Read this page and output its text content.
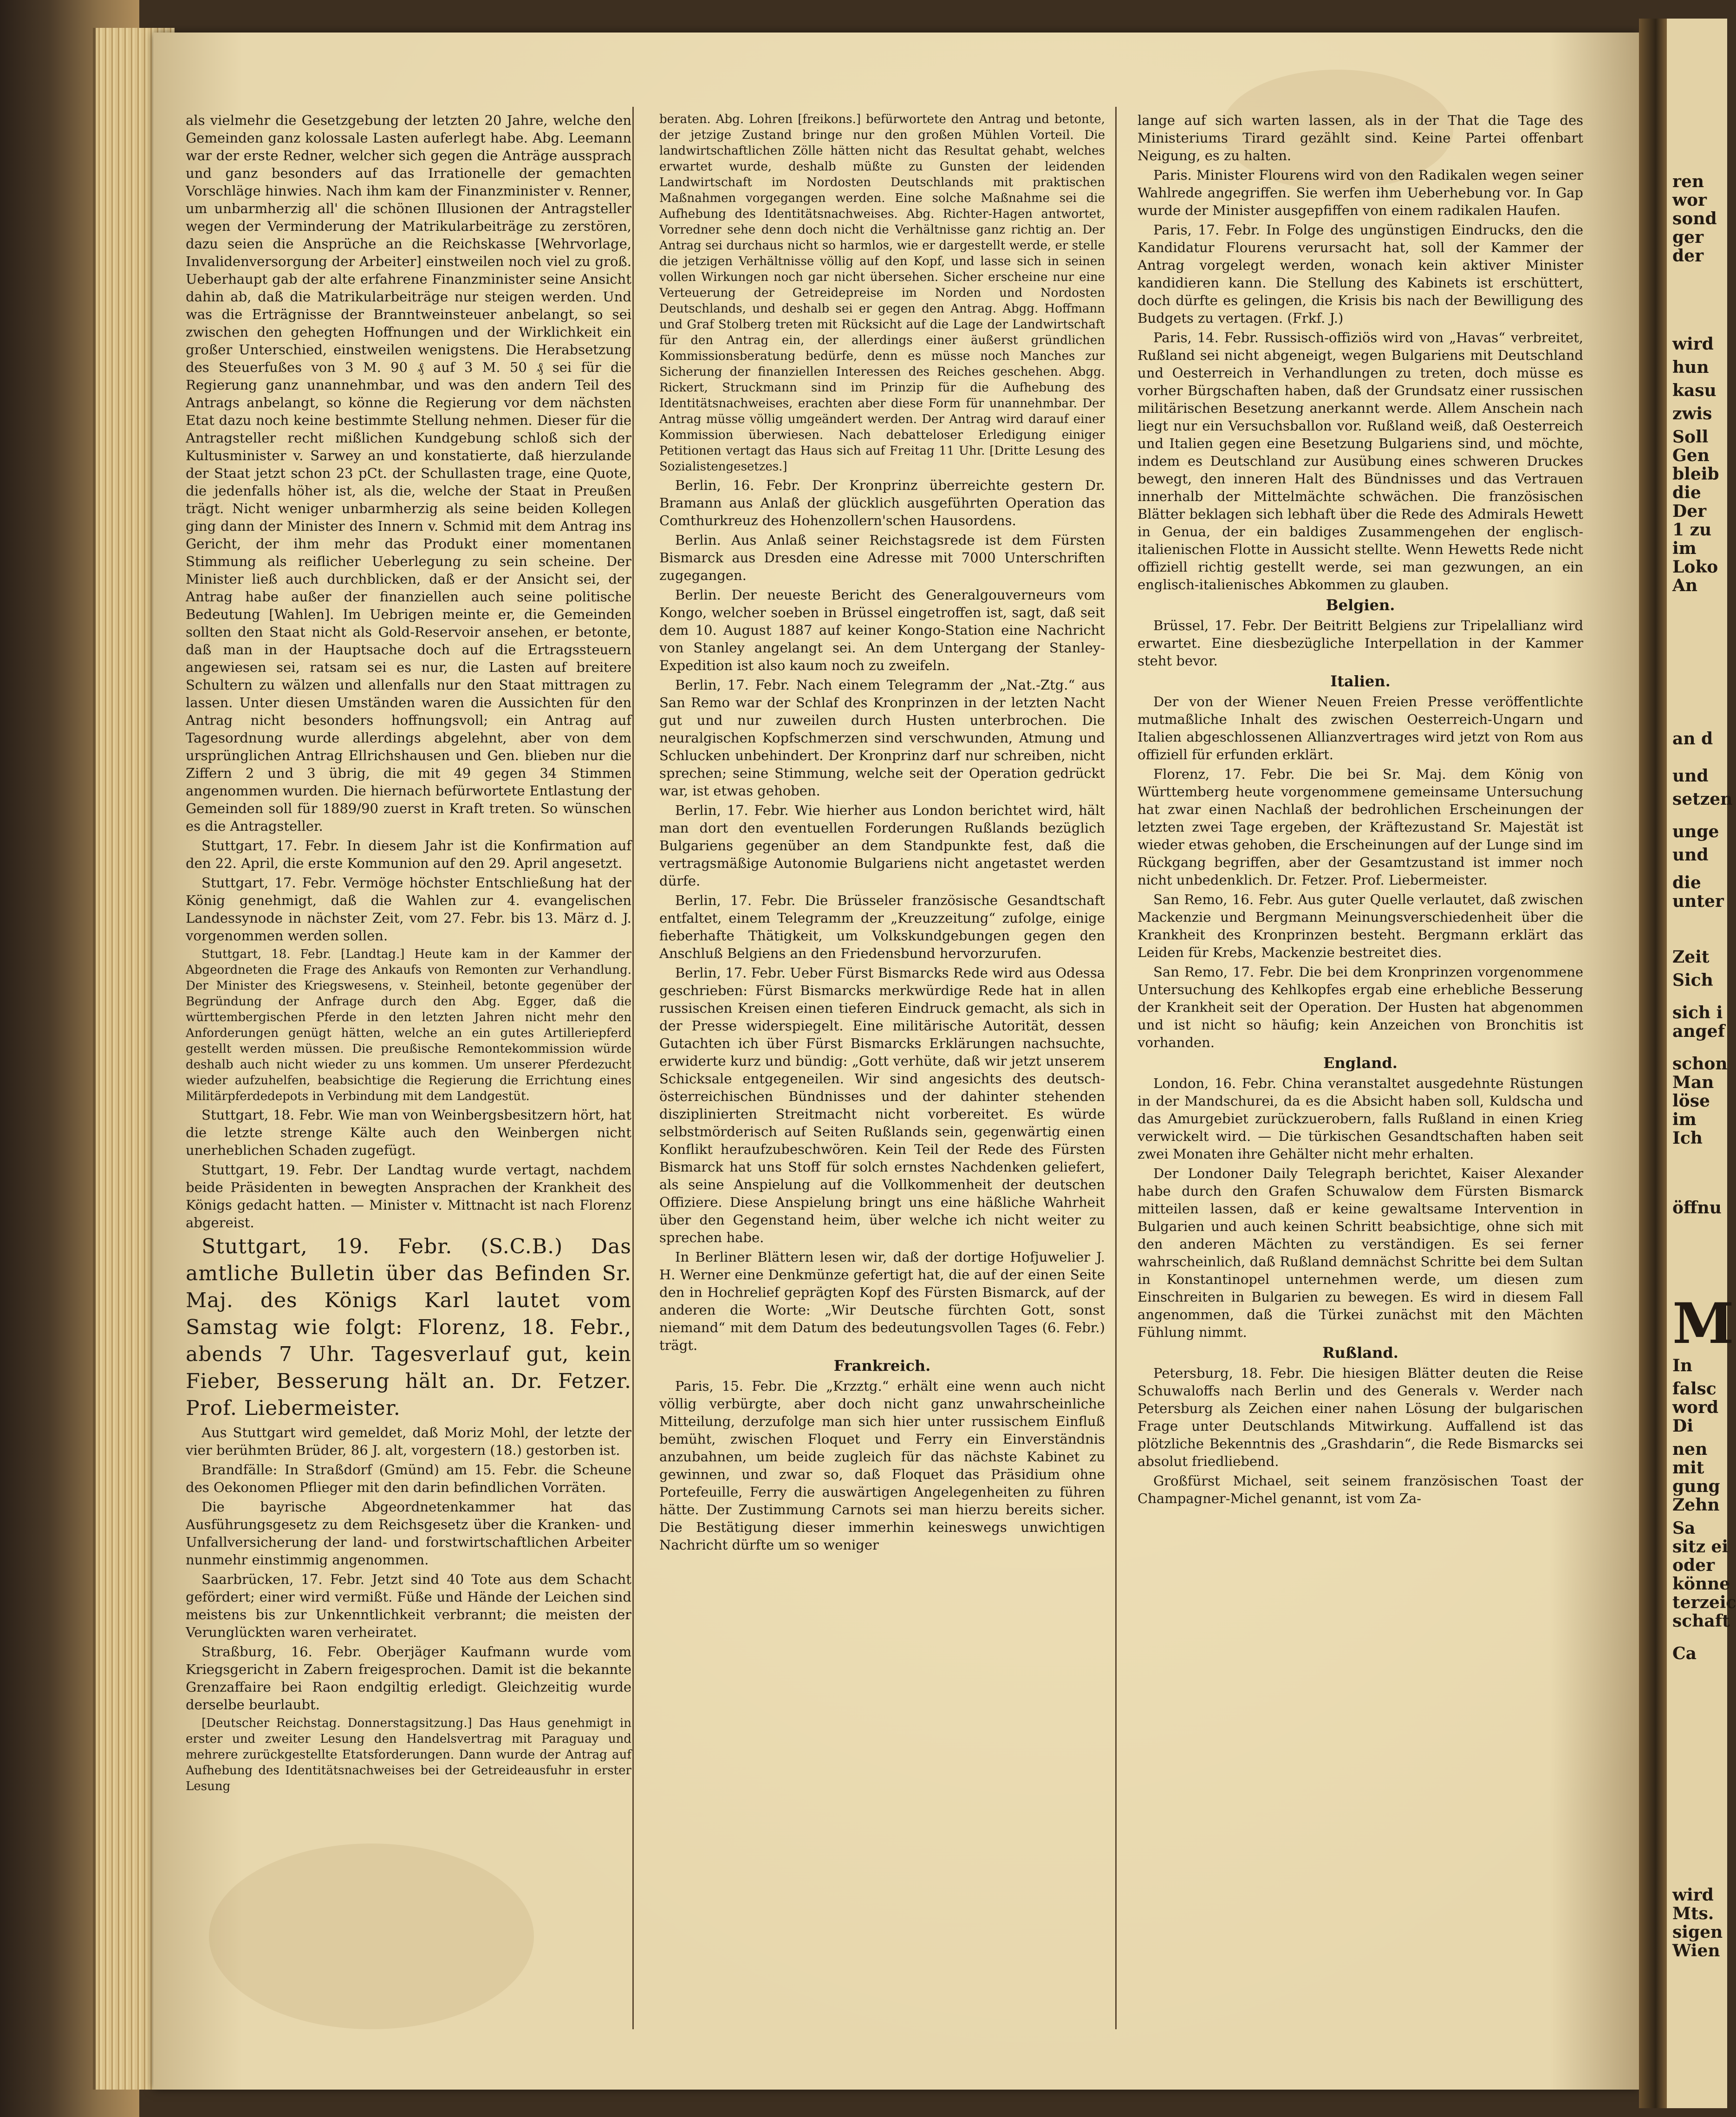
als vielmehr die Gesetzgebung der letzten 20 Jahre, welche den Gemeinden ganz kolossale Lasten auferlegt habe. Abg. Leemann war der erste Redner, welcher sich gegen die Anträge aussprach und ganz besonders auf das Irrationelle der gemachten Vorschläge hinwies. Nach ihm kam der Finanzminister v. Renner, um unbarmherzig all' die schönen Illusionen der Antragsteller wegen der Verminderung der Matrikularbeiträge zu zerstören, dazu seien die Ansprüche an die Reichskasse [Wehrvorlage, Invalidenversorgung der Arbeiter] einstweilen noch viel zu groß. Ueberhaupt gab der alte erfahrene Finanzminister seine Ansicht dahin ab, daß die Matrikularbeiträge nur steigen werden. Und was die Erträgnisse der Branntweinsteuer anbelangt, so sei zwischen den gehegten Hoffnungen und der Wirklichkeit ein großer Unterschied, einstweilen wenigstens. Die Herabsetzung des Steuerfußes von 3 M. 90 ₰ auf 3 M. 50 ₰ sei für die Regierung ganz unannehmbar, und was den andern Teil des Antrags anbelangt, so könne die Regierung vor dem nächsten Etat dazu noch keine bestimmte Stellung nehmen. Dieser für die Antragsteller recht mißlichen Kundgebung schloß sich der Kultusminister v. Sarwey an und konstatierte, daß hierzulande der Staat jetzt schon 23 pCt. der Schullasten trage, eine Quote, die jedenfalls höher ist, als die, welche der Staat in Preußen trägt. Nicht weniger unbarmherzig als seine beiden Kollegen ging dann der Minister des Innern v. Schmid mit dem Antrag ins Gericht, der ihm mehr das Produkt einer momentanen Stimmung als reiflicher Ueberlegung zu sein scheine. Der Minister ließ auch durchblicken, daß er der Ansicht sei, der Antrag habe außer der finanziellen auch seine politische Bedeutung [Wahlen]. Im Uebrigen meinte er, die Gemeinden sollten den Staat nicht als Gold-Reservoir ansehen, er betonte, daß man in der Hauptsache doch auf die Ertragssteuern angewiesen sei, ratsam sei es nur, die Lasten auf breitere Schultern zu wälzen und allenfalls nur den Staat mittragen zu lassen. Unter diesen Umständen waren die Aussichten für den Antrag nicht besonders hoffnungsvoll; ein Antrag auf Tagesordnung wurde allerdings abgelehnt, aber von dem ursprünglichen Antrag Ellrichshausen und Gen. blieben nur die Ziffern 2 und 3 übrig, die mit 49 gegen 34 Stimmen angenommen wurden. Die hiernach befürwortete Entlastung der Gemeinden soll für 1889/90 zuerst in Kraft treten. So wünschen es die Antragsteller.

Stuttgart, 17. Febr. In diesem Jahr ist die Konfirmation auf den 22. April, die erste Kommunion auf den 29. April angesetzt.

Stuttgart, 17. Febr. Vermöge höchster Entschließung hat der König genehmigt, daß die Wahlen zur 4. evangelischen Landessynode in nächster Zeit, vom 27. Febr. bis 13. März d. J. vorgenommen werden sollen.

Stuttgart, 18. Febr. [Landtag.] Heute kam in der Kammer der Abgeordneten die Frage des Ankaufs von Remonten zur Verhandlung. Der Minister des Kriegswesens, v. Steinheil, betonte gegenüber der Begründung der Anfrage durch den Abg. Egger, daß die württembergischen Pferde in den letzten Jahren nicht mehr den Anforderungen genügt hätten, welche an ein gutes Artilleriepferd gestellt werden müssen. Die preußische Remontekommission würde deshalb auch nicht wieder zu uns kommen. Um unserer Pferdezucht wieder aufzuhelfen, beabsichtige die Regierung die Errichtung eines Militärpferdedepots in Verbindung mit dem Landgestüt.

Stuttgart, 18. Febr. Wie man von Weinbergsbesitzern hört, hat die letzte strenge Kälte auch den Weinbergen nicht unerheblichen Schaden zugefügt.

Stuttgart, 19. Febr. Der Landtag wurde vertagt, nachdem beide Präsidenten in bewegten Ansprachen der Krankheit des Königs gedacht hatten. — Minister v. Mittnacht ist nach Florenz abgereist.

Stuttgart, 19. Febr. (S.C.B.) Das amtliche Bulletin über das Befinden Sr. Maj. des Königs Karl lautet vom Samstag wie folgt: Florenz, 18. Febr., abends 7 Uhr. Tagesverlauf gut, kein Fieber, Besserung hält an. Dr. Fetzer. Prof. Liebermeister.

Aus Stuttgart wird gemeldet, daß Moriz Mohl, der letzte der vier berühmten Brüder, 86 J. alt, vorgestern (18.) gestorben ist.

Brandfälle: In Straßdorf (Gmünd) am 15. Febr. die Scheune des Oekonomen Pflieger mit den darin befindlichen Vorräten.

Die bayrische Abgeordnetenkammer hat das Ausführungsgesetz zu dem Reichsgesetz über die Kranken- und Unfallversicherung der land- und forstwirtschaftlichen Arbeiter nunmehr einstimmig angenommen.

Saarbrücken, 17. Febr. Jetzt sind 40 Tote aus dem Schacht gefördert; einer wird vermißt. Füße und Hände der Leichen sind meistens bis zur Unkenntlichkeit verbrannt; die meisten der Verunglückten waren verheiratet.

Straßburg, 16. Febr. Oberjäger Kaufmann wurde vom Kriegsgericht in Zabern freigesprochen. Damit ist die bekannte Grenzaffaire bei Raon endgiltig erledigt. Gleichzeitig wurde derselbe beurlaubt.

[Deutscher Reichstag. Donnerstagsitzung.] Das Haus genehmigt in erster und zweiter Lesung den Handelsvertrag mit Paraguay und mehrere zurückgestellte Etatsforderungen. Dann wurde der Antrag auf Aufhebung des Identitätsnachweises bei der Getreideausfuhr in erster Lesung

beraten. Abg. Lohren [freikons.] befürwortete den Antrag und betonte, der jetzige Zustand bringe nur den großen Mühlen Vorteil. Die landwirtschaftlichen Zölle hätten nicht das Resultat gehabt, welches erwartet wurde, deshalb müßte zu Gunsten der leidenden Landwirtschaft im Nordosten Deutschlands mit praktischen Maßnahmen vorgegangen werden. Eine solche Maßnahme sei die Aufhebung des Identitätsnachweises. Abg. Richter-Hagen antwortet, Vorredner sehe denn doch nicht die Verhältnisse ganz richtig an. Der Antrag sei durchaus nicht so harmlos, wie er dargestellt werde, er stelle die jetzigen Verhältnisse völlig auf den Kopf, und lasse sich in seinen vollen Wirkungen noch gar nicht übersehen. Sicher erscheine nur eine Verteuerung der Getreidepreise im Norden und Nordosten Deutschlands, und deshalb sei er gegen den Antrag. Abgg. Hoffmann und Graf Stolberg treten mit Rücksicht auf die Lage der Landwirtschaft für den Antrag ein, der allerdings einer äußerst gründlichen Kommissionsberatung bedürfe, denn es müsse noch Manches zur Sicherung der finanziellen Interessen des Reiches geschehen. Abgg. Rickert, Struckmann sind im Prinzip für die Aufhebung des Identitätsnachweises, erachten aber diese Form für unannehmbar. Der Antrag müsse völlig umgeändert werden. Der Antrag wird darauf einer Kommission überwiesen. Nach debatteloser Erledigung einiger Petitionen vertagt das Haus sich auf Freitag 11 Uhr. [Dritte Lesung des Sozialistengesetzes.]

Berlin, 16. Febr. Der Kronprinz überreichte gestern Dr. Bramann aus Anlaß der glücklich ausgeführten Operation das Comthurkreuz des Hohenzollern'schen Hausordens.

Berlin. Aus Anlaß seiner Reichstagsrede ist dem Fürsten Bismarck aus Dresden eine Adresse mit 7000 Unterschriften zugegangen.

Berlin. Der neueste Bericht des Generalgouverneurs vom Kongo, welcher soeben in Brüssel eingetroffen ist, sagt, daß seit dem 10. August 1887 auf keiner Kongo-Station eine Nachricht von Stanley angelangt sei. An dem Untergang der Stanley-Expedition ist also kaum noch zu zweifeln.

Berlin, 17. Febr. Nach einem Telegramm der „Nat.-Ztg.“ aus San Remo war der Schlaf des Kronprinzen in der letzten Nacht gut und nur zuweilen durch Husten unterbrochen. Die neuralgischen Kopfschmerzen sind verschwunden, Atmung und Schlucken unbehindert. Der Kronprinz darf nur schreiben, nicht sprechen; seine Stimmung, welche seit der Operation gedrückt war, ist etwas gehoben.

Berlin, 17. Febr. Wie hierher aus London berichtet wird, hält man dort den eventuellen Forderungen Rußlands bezüglich Bulgariens gegenüber an dem Standpunkte fest, daß die vertragsmäßige Autonomie Bulgariens nicht angetastet werden dürfe.

Berlin, 17. Febr. Die Brüsseler französische Gesandtschaft entfaltet, einem Telegramm der „Kreuzzeitung“ zufolge, einige fieberhafte Thätigkeit, um Volkskundgebungen gegen den Anschluß Belgiens an den Friedensbund hervorzurufen.

Berlin, 17. Febr. Ueber Fürst Bismarcks Rede wird aus Odessa geschrieben: Fürst Bismarcks merkwürdige Rede hat in allen russischen Kreisen einen tieferen Eindruck gemacht, als sich in der Presse widerspiegelt. Eine militärische Autorität, dessen Gutachten ich über Fürst Bismarcks Erklärungen nachsuchte, erwiderte kurz und bündig: „Gott verhüte, daß wir jetzt unserem Schicksale entgegeneilen. Wir sind angesichts des deutsch-österreichischen Bündnisses und der dahinter stehenden disziplinierten Streitmacht nicht vorbereitet. Es würde selbstmörderisch auf Seiten Rußlands sein, gegenwärtig einen Konflikt heraufzubeschwören. Kein Teil der Rede des Fürsten Bismarck hat uns Stoff für solch ernstes Nachdenken geliefert, als seine Anspielung auf die Vollkommenheit der deutschen Offiziere. Diese Anspielung bringt uns eine häßliche Wahrheit über den Gegenstand heim, über welche ich nicht weiter zu sprechen habe.

In Berliner Blättern lesen wir, daß der dortige Hofjuwelier J. H. Werner eine Denkmünze gefertigt hat, die auf der einen Seite den in Hochrelief geprägten Kopf des Fürsten Bismarck, auf der anderen die Worte: „Wir Deutsche fürchten Gott, sonst niemand“ mit dem Datum des bedeutungsvollen Tages (6. Febr.) trägt.

Frankreich.

Paris, 15. Febr. Die „Krzztg.“ erhält eine wenn auch nicht völlig verbürgte, aber doch nicht ganz unwahrscheinliche Mitteilung, derzufolge man sich hier unter russischem Einfluß bemüht, zwischen Floquet und Ferry ein Einverständnis anzubahnen, um beide zugleich für das nächste Kabinet zu gewinnen, und zwar so, daß Floquet das Präsidium ohne Portefeuille, Ferry die auswärtigen Angelegenheiten zu führen hätte. Der Zustimmung Carnots sei man hierzu bereits sicher. Die Bestätigung dieser immerhin keineswegs unwichtigen Nachricht dürfte um so weniger

lange auf sich warten lassen, als in der That die Tage des Ministeriums Tirard gezählt sind. Keine Partei offenbart Neigung, es zu halten.

Paris. Minister Flourens wird von den Radikalen wegen seiner Wahlrede angegriffen. Sie werfen ihm Ueberhebung vor. In Gap wurde der Minister ausgepfiffen von einem radikalen Haufen.

Paris, 17. Febr. In Folge des ungünstigen Eindrucks, den die Kandidatur Flourens verursacht hat, soll der Kammer der Antrag vorgelegt werden, wonach kein aktiver Minister kandidieren kann. Die Stellung des Kabinets ist erschüttert, doch dürfte es gelingen, die Krisis bis nach der Bewilligung des Budgets zu vertagen. (Frkf. J.)

Paris, 14. Febr. Russisch-offiziös wird von „Havas“ verbreitet, Rußland sei nicht abgeneigt, wegen Bulgariens mit Deutschland und Oesterreich in Verhandlungen zu treten, doch müsse es vorher Bürgschaften haben, daß der Grundsatz einer russischen militärischen Besetzung anerkannt werde. Allem Anschein nach liegt nur ein Versuchsballon vor. Rußland weiß, daß Oesterreich und Italien gegen eine Besetzung Bulgariens sind, und möchte, indem es Deutschland zur Ausübung eines schweren Druckes bewegt, den inneren Halt des Bündnisses und das Vertrauen innerhalb der Mittelmächte schwächen. Die französischen Blätter beklagen sich lebhaft über die Rede des Admirals Hewett in Genua, der ein baldiges Zusammengehen der englisch-italienischen Flotte in Aussicht stellte. Wenn Hewetts Rede nicht offiziell richtig gestellt werde, sei man gezwungen, an ein englisch-italienisches Abkommen zu glauben.

Belgien.

Brüssel, 17. Febr. Der Beitritt Belgiens zur Tripelallianz wird erwartet. Eine diesbezügliche Interpellation in der Kammer steht bevor.

Italien.

Der von der Wiener Neuen Freien Presse veröffentlichte mutmaßliche Inhalt des zwischen Oesterreich-Ungarn und Italien abgeschlossenen Allianzvertrages wird jetzt von Rom aus offiziell für erfunden erklärt.

Florenz, 17. Febr. Die bei Sr. Maj. dem König von Württemberg heute vorgenommene gemeinsame Untersuchung hat zwar einen Nachlaß der bedrohlichen Erscheinungen der letzten zwei Tage ergeben, der Kräftezustand Sr. Majestät ist wieder etwas gehoben, die Erscheinungen auf der Lunge sind im Rückgang begriffen, aber der Gesamtzustand ist immer noch nicht unbedenklich. Dr. Fetzer. Prof. Liebermeister.

San Remo, 16. Febr. Aus guter Quelle verlautet, daß zwischen Mackenzie und Bergmann Meinungsverschiedenheit über die Krankheit des Kronprinzen besteht. Bergmann erklärt das Leiden für Krebs, Mackenzie bestreitet dies.

San Remo, 17. Febr. Die bei dem Kronprinzen vorgenommene Untersuchung des Kehlkopfes ergab eine erhebliche Besserung der Krankheit seit der Operation. Der Husten hat abgenommen und ist nicht so häufig; kein Anzeichen von Bronchitis ist vorhanden.

England.

London, 16. Febr. China veranstaltet ausgedehnte Rüstungen in der Mandschurei, da es die Absicht haben soll, Kuldscha und das Amurgebiet zurückzuerobern, falls Rußland in einen Krieg verwickelt wird. — Die türkischen Gesandtschaften haben seit zwei Monaten ihre Gehälter nicht mehr erhalten.

Der Londoner Daily Telegraph berichtet, Kaiser Alexander habe durch den Grafen Schuwalow dem Fürsten Bismarck mitteilen lassen, daß er keine gewaltsame Intervention in Bulgarien und auch keinen Schritt beabsichtige, ohne sich mit den anderen Mächten zu verständigen. Es sei ferner wahrscheinlich, daß Rußland demnächst Schritte bei dem Sultan in Konstantinopel unternehmen werde, um diesen zum Einschreiten in Bulgarien zu bewegen. Es wird in diesem Fall angenommen, daß die Türkei zunächst mit den Mächten Fühlung nimmt.

Rußland.

Petersburg, 18. Febr. Die hiesigen Blätter deuten die Reise Schuwaloffs nach Berlin und des Generals v. Werder nach Petersburg als Zeichen einer nahen Lösung der bulgarischen Frage unter Deutschlands Mitwirkung. Auffallend ist das plötzliche Bekenntnis des „Grashdarin“, die Rede Bismarcks sei absolut friedliebend.

Großfürst Michael, seit seinem französischen Toast der Champagner-Michel genannt, ist vom Za-

ren
wor
sond
ger
der
wird
hun
kasu
zwis
Soll
Gen
bleib
die
Der
1 zu
im
Loko
An
an d
und
setzen
unge
und
die
unter
Zeit
Sich
sich i
angef
schon
Man
löse
im
Ich
öffnu
M
In
falsc
word
Di
nen
mit
gung
Zehn
Sa
sitz ei
oder
könne
terzeic
schaft
Ca
wird
Mts.
sigen
Wien
